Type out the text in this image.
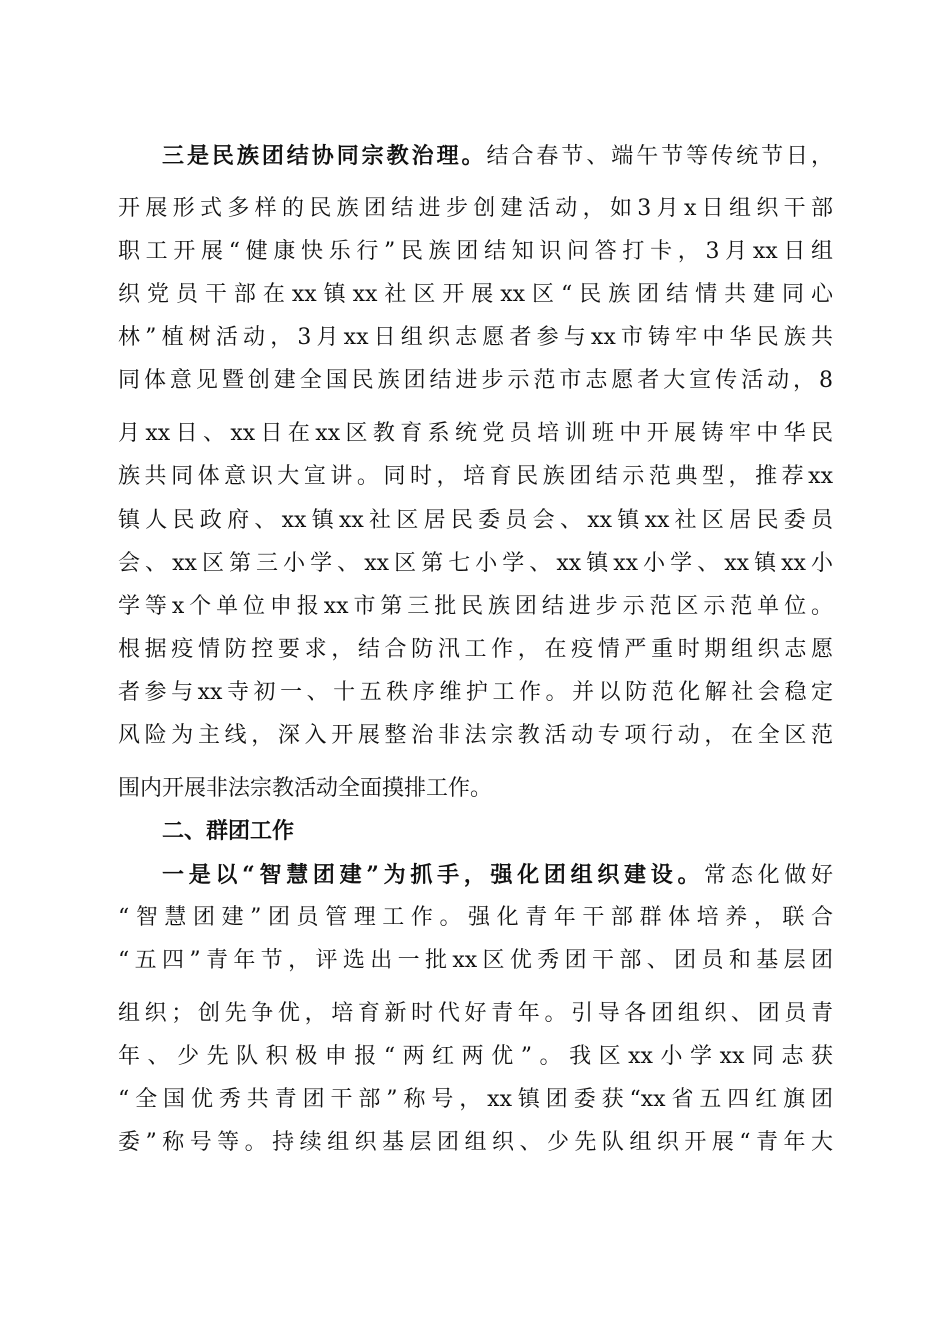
三是民族团结协同宗教治理。结合春节、端午节等传统节日，
开展形式多样的民族团结进步创建活动，如3月x日组织干部
职工开展“健康快乐行”民族团结知识问答打卡，3月xx日组
织党员干部在xx镇xx社区开展xx区“民族团结情共建同心
林”植树活动，3月xx日组织志愿者参与xx市铸牢中华民族共
同体意见暨创建全国民族团结进步示范市志愿者大宣传活动，8
月xx日、xx日在xx区教育系统党员培训班中开展铸牢中华民
族共同体意识大宣讲。同时，培育民族团结示范典型，推荐xx
镇人民政府、xx镇xx社区居民委员会、xx镇xx社区居民委员
会、xx区第三小学、xx区第七小学、xx镇xx小学、xx镇xx小
学等x个单位申报xx市第三批民族团结进步示范区示范单位。
根据疫情防控要求，结合防汛工作，在疫情严重时期组织志愿
者参与xx寺初一、十五秩序维护工作。并以防范化解社会稳定
风险为主线，深入开展整治非法宗教活动专项行动，在全区范
围内开展非法宗教活动全面摸排工作。
二、群团工作
一是以“智慧团建”为抓手，强化团组织建设。常态化做好
“智慧团建”团员管理工作。强化青年干部群体培养，联合
“五四”青年节，评选出一批xx区优秀团干部、团员和基层团
组织；创先争优，培育新时代好青年。引导各团组织、团员青
年、少先队积极申报“两红两优”。我区xx小学xx同志获
“全国优秀共青团干部”称号，xx镇团委获“xx省五四红旗团
委”称号等。持续组织基层团组织、少先队组织开展“青年大
